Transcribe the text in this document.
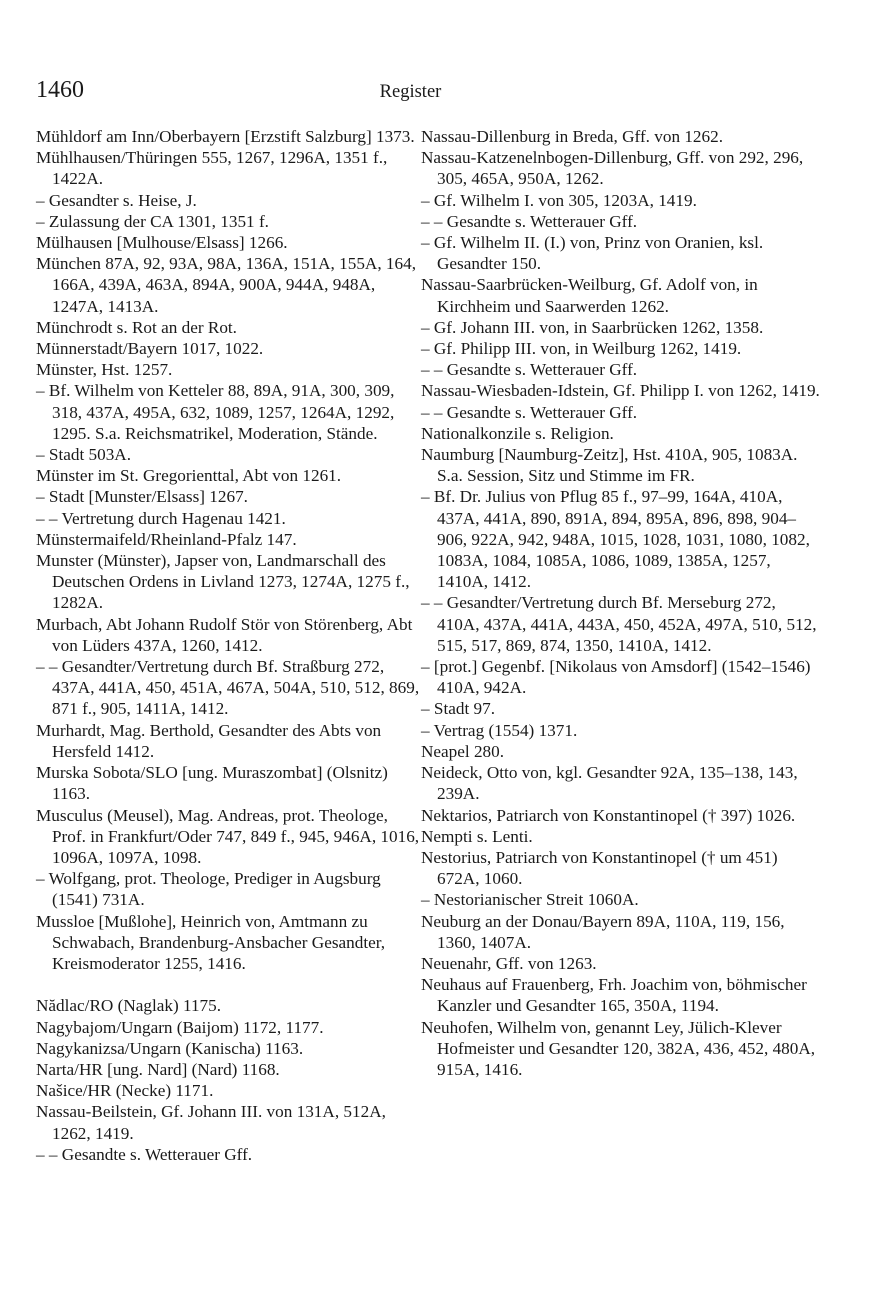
1460	Register
Mühldorf am Inn/Oberbayern [Erzstift Salzburg] 1373.
Mühlhausen/Thüringen 555, 1267, 1296A, 1351 f., 1422A.
– Gesandter s. Heise, J.
– Zulassung der CA 1301, 1351 f.
Mülhausen [Mulhouse/Elsass] 1266.
München 87A, 92, 93A, 98A, 136A, 151A, 155A, 164, 166A, 439A, 463A, 894A, 900A, 944A, 948A, 1247A, 1413A.
Münchrodt s. Rot an der Rot.
Münnerstadt/Bayern 1017, 1022.
Münster, Hst. 1257.
– Bf. Wilhelm von Ketteler 88, 89A, 91A, 300, 309, 318, 437A, 495A, 632, 1089, 1257, 1264A, 1292, 1295. S.a. Reichsmatrikel, Moderation, Stände.
– Stadt 503A.
Münster im St. Gregorienttal, Abt von 1261.
– Stadt [Munster/Elsass] 1267.
– – Vertretung durch Hagenau 1421.
Münstermaifeld/Rheinland-Pfalz 147.
Munster (Münster), Japser von, Landmarschall des Deutschen Ordens in Livland 1273, 1274A, 1275 f., 1282A.
Murbach, Abt Johann Rudolf Stör von Störenberg, Abt von Lüders 437A, 1260, 1412.
– – Gesandter/Vertretung durch Bf. Straßburg 272, 437A, 441A, 450, 451A, 467A, 504A, 510, 512, 869, 871 f., 905, 1411A, 1412.
Murhardt, Mag. Berthold, Gesandter des Abts von Hersfeld 1412.
Murska Sobota/SLO [ung. Muraszombat] (Olsnitz) 1163.
Musculus (Meusel), Mag. Andreas, prot. Theologe, Prof. in Frankfurt/Oder 747, 849 f., 945, 946A, 1016, 1096A, 1097A, 1098.
– Wolfgang, prot. Theologe, Prediger in Augsburg (1541) 731A.
Mussloe [Mußlohe], Heinrich von, Amtmann zu Schwabach, Brandenburg-Ansbacher Gesandter, Kreismoderator 1255, 1416.
Nădlac/RO (Naglak) 1175.
Nagybajom/Ungarn (Baijom) 1172, 1177.
Nagykanizsa/Ungarn (Kanischa) 1163.
Narta/HR [ung. Nard] (Nard) 1168.
Našice/HR (Necke) 1171.
Nassau-Beilstein, Gf. Johann III. von 131A, 512A, 1262, 1419.
– – Gesandte s. Wetterauer Gff.
Nassau-Dillenburg in Breda, Gff. von 1262.
Nassau-Katzenelnbogen-Dillenburg, Gff. von 292, 296, 305, 465A, 950A, 1262.
– Gf. Wilhelm I. von 305, 1203A, 1419.
– – Gesandte s. Wetterauer Gff.
– Gf. Wilhelm II. (I.) von, Prinz von Oranien, ksl. Gesandter 150.
Nassau-Saarbrücken-Weilburg, Gf. Adolf von, in Kirchheim und Saarwerden 1262.
– Gf. Johann III. von, in Saarbrücken 1262, 1358.
– Gf. Philipp III. von, in Weilburg 1262, 1419.
– – Gesandte s. Wetterauer Gff.
Nassau-Wiesbaden-Idstein, Gf. Philipp I. von 1262, 1419.
– – Gesandte s. Wetterauer Gff.
Nationalkonzile s. Religion.
Naumburg [Naumburg-Zeitz], Hst. 410A, 905, 1083A. S.a. Session, Sitz und Stimme im FR.
– Bf. Dr. Julius von Pflug 85 f., 97–99, 164A, 410A, 437A, 441A, 890, 891A, 894, 895A, 896, 898, 904–906, 922A, 942, 948A, 1015, 1028, 1031, 1080, 1082, 1083A, 1084, 1085A, 1086, 1089, 1385A, 1257, 1410A, 1412.
– – Gesandter/Vertretung durch Bf. Merseburg 272, 410A, 437A, 441A, 443A, 450, 452A, 497A, 510, 512, 515, 517, 869, 874, 1350, 1410A, 1412.
– [prot.] Gegenbf. [Nikolaus von Amsdorf] (1542–1546) 410A, 942A.
– Stadt 97.
– Vertrag (1554) 1371.
Neapel 280.
Neideck, Otto von, kgl. Gesandter 92A, 135–138, 143, 239A.
Nektarios, Patriarch von Konstantinopel († 397) 1026.
Nempti s. Lenti.
Nestorius, Patriarch von Konstantinopel († um 451) 672A, 1060.
– Nestorianischer Streit 1060A.
Neuburg an der Donau/Bayern 89A, 110A, 119, 156, 1360, 1407A.
Neuenahr, Gff. von 1263.
Neuhaus auf Frauenberg, Frh. Joachim von, böhmischer Kanzler und Gesandter 165, 350A, 1194.
Neuhofen, Wilhelm von, genannt Ley, Jülich-Klever Hofmeister und Gesandter 120, 382A, 436, 452, 480A, 915A, 1416.
